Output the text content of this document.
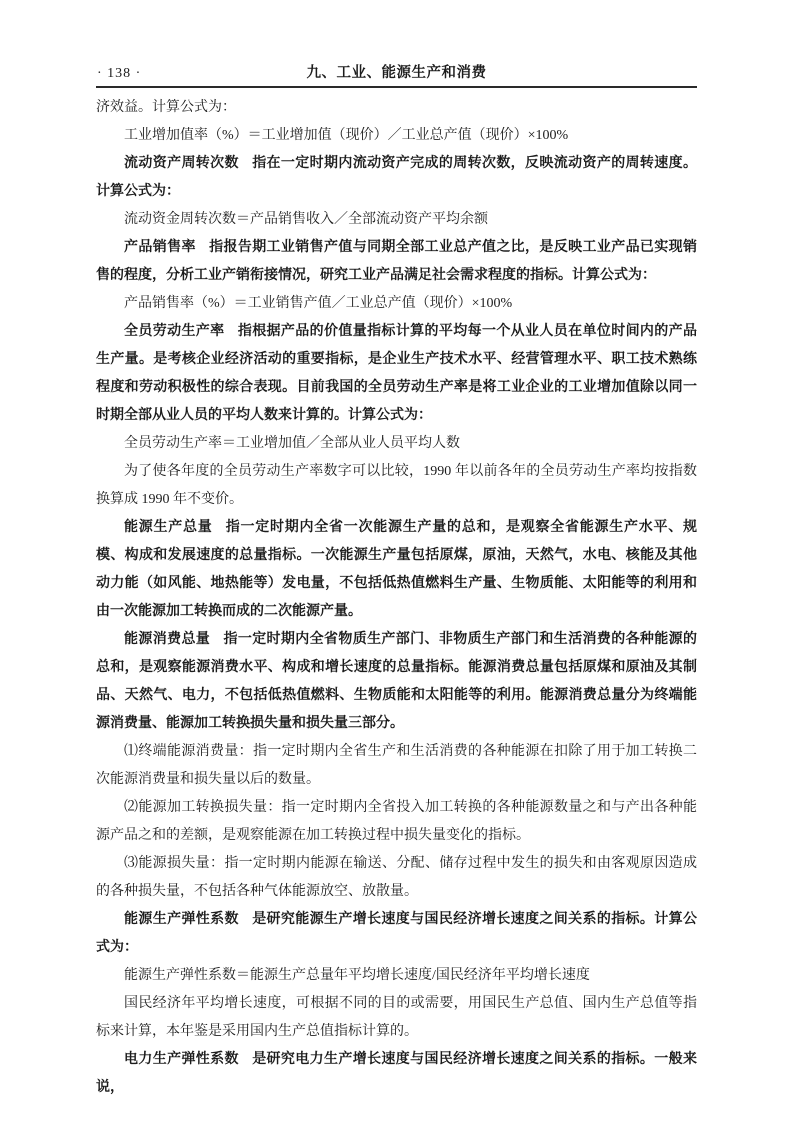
· 138 ·	九、工业、能源生产和消费

济效益。计算公式为：

工业增加值率（%）＝工业增加值（现价）／工业总产值（现价）×100%

流动资产周转次数 指在一定时期内流动资产完成的周转次数，反映流动资产的周转速度。计算公式为：

流动资金周转次数＝产品销售收入／全部流动资产平均余额

产品销售率 指报告期工业销售产值与同期全部工业总产值之比，是反映工业产品已实现销售的程度，分析工业产销衔接情况，研究工业产品满足社会需求程度的指标。计算公式为：

产品销售率（%）＝工业销售产值／工业总产值（现价）×100%

全员劳动生产率 指根据产品的价值量指标计算的平均每一个从业人员在单位时间内的产品生产量。是考核企业经济活动的重要指标，是企业生产技术水平、经营管理水平、职工技术熟练程度和劳动积极性的综合表现。目前我国的全员劳动生产率是将工业企业的工业增加值除以同一时期全部从业人员的平均人数来计算的。计算公式为：

全员劳动生产率＝工业增加值／全部从业人员平均人数

为了使各年度的全员劳动生产率数字可以比较，1990 年以前各年的全员劳动生产率均按指数换算成 1990 年不变价。

能源生产总量 指一定时期内全省一次能源生产量的总和，是观察全省能源生产水平、规模、构成和发展速度的总量指标。一次能源生产量包括原煤，原油，天然气，水电、核能及其他动力能（如风能、地热能等）发电量，不包括低热值燃料生产量、生物质能、太阳能等的利用和由一次能源加工转换而成的二次能源产量。

能源消费总量 指一定时期内全省物质生产部门、非物质生产部门和生活消费的各种能源的总和，是观察能源消费水平、构成和增长速度的总量指标。能源消费总量包括原煤和原油及其制品、天然气、电力，不包括低热值燃料、生物质能和太阳能等的利用。能源消费总量分为终端能源消费量、能源加工转换损失量和损失量三部分。

⑴终端能源消费量：指一定时期内全省生产和生活消费的各种能源在扣除了用于加工转换二次能源消费量和损失量以后的数量。

⑵能源加工转换损失量：指一定时期内全省投入加工转换的各种能源数量之和与产出各种能源产品之和的差额，是观察能源在加工转换过程中损失量变化的指标。

⑶能源损失量：指一定时期内能源在输送、分配、储存过程中发生的损失和由客观原因造成的各种损失量，不包括各种气体能源放空、放散量。

能源生产弹性系数 是研究能源生产增长速度与国民经济增长速度之间关系的指标。计算公式为：

能源生产弹性系数＝能源生产总量年平均增长速度/国民经济年平均增长速度

国民经济年平均增长速度，可根据不同的目的或需要，用国民生产总值、国内生产总值等指标来计算，本年鉴是采用国内生产总值指标计算的。

电力生产弹性系数 是研究电力生产增长速度与国民经济增长速度之间关系的指标。一般来说，
